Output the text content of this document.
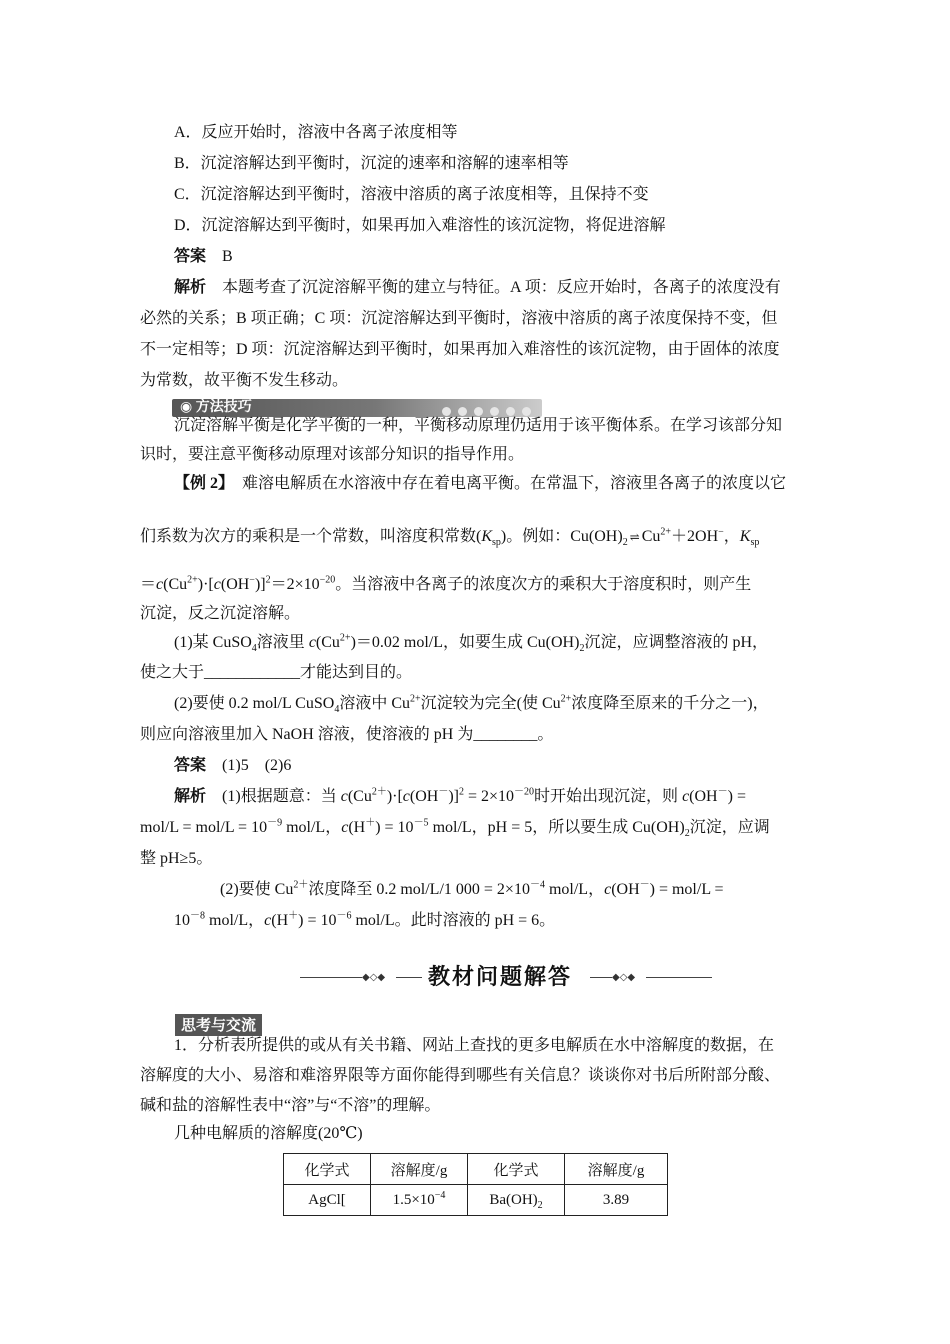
A．反应开始时，溶液中各离子浓度相等
B．沉淀溶解达到平衡时，沉淀的速率和溶解的速率相等
C．沉淀溶解达到平衡时，溶液中溶质的离子浓度相等，且保持不变
D．沉淀溶解达到平衡时，如果再加入难溶性的该沉淀物，将促进溶解
答案　 B
解析　 本题考查了沉淀溶解平衡的建立与特征。A 项：反应开始时，各离子的浓度没有
必然的关系；B 项正确；C 项：沉淀溶解达到平衡时，溶液中溶质的离子浓度保持不变，但
不一定相等；D 项：沉淀溶解达到平衡时，如果再加入难溶性的该沉淀物，由于固体的浓度
为常数，故平衡不发生移动。
◉ 方法技巧
沉淀溶解平衡是化学平衡的一种，平衡移动原理仍适用于该平衡体系。在学习该部分知
识时，要注意平衡移动原理对该部分知识的指导作用。
【例 2】　 难溶电解质在水溶液中存在着电离平衡。在常温下，溶液里各离子的浓度以它
们系数为次方的乘积是一个常数，叫溶度积常数$(K_{sp})$。例如：$Cu(OH)_2$ ⇌ $Cu^{2+}+2OH^-$，$K_{sp}$
$=c(Cu^{2+})\cdot[c(OH^-)]^2=2\times 10^{-20}$。当溶液中各离子的浓度次方的乘积大于溶度积时，则产生
沉淀，反之沉淀溶解。
(1)某 CuSO$_4$溶液里 $c(Cu^{2+})=0.02$ mol/L，如要生成 $Cu(OH)_2$沉淀，应调整溶液的 pH，
使之大于____________才能达到目的。
(2)要使 0.2 mol/L CuSO$_4$溶液中 $Cu^{2+}$沉淀较为完全(使 $Cu^{2+}$浓度降至原来的千分之一)，
则应向溶液里加入 NaOH 溶液，使溶液的 pH 为________。
答案　 (1)5　(2)6
解析　 (1)根据题意：当 $c(Cu^{2+})\cdot[c(OH^-)]^2 = 2\times 10^{-20}$时开始出现沉淀，则 c(OH－) =
$mol/L = mol/L = 10^{-9}$ mol/L，$c(H^+) = 10^{-5}$ mol/L，pH = 5，所以要生成 $Cu(OH)_2$沉淀，应调
整 pH≥5。
(2)要使 $Cu^{2+}$浓度降至 0.2 mol/L/1 $000 = 2\times 10^{-4}$ mol/L，c(OH－) = mol/L =
$10^{-8}$ mol/L，$c(H^+) = 10^{-6}$ mol/L。此时溶液的 pH = 6。
◆◇◆ 教材问题解答	◆◇◆
思考与交流
1．分析表所提供的或从有关书籍、网站上查找的更多电解质在水中溶解度的数据，在
溶解度的大小、易溶和难溶界限等方面你能得到哪些有关信息？谈谈你对书后所附部分酸、
碱和盐的溶解性表中“溶”与“不溶”的理解。
几种电解质的溶解度(20℃)
化学式	溶解度/g	化学式	溶解度/g
AgCl[	$1.5\times 10^{-4}$	$Ba(OH)_2$	3.89
